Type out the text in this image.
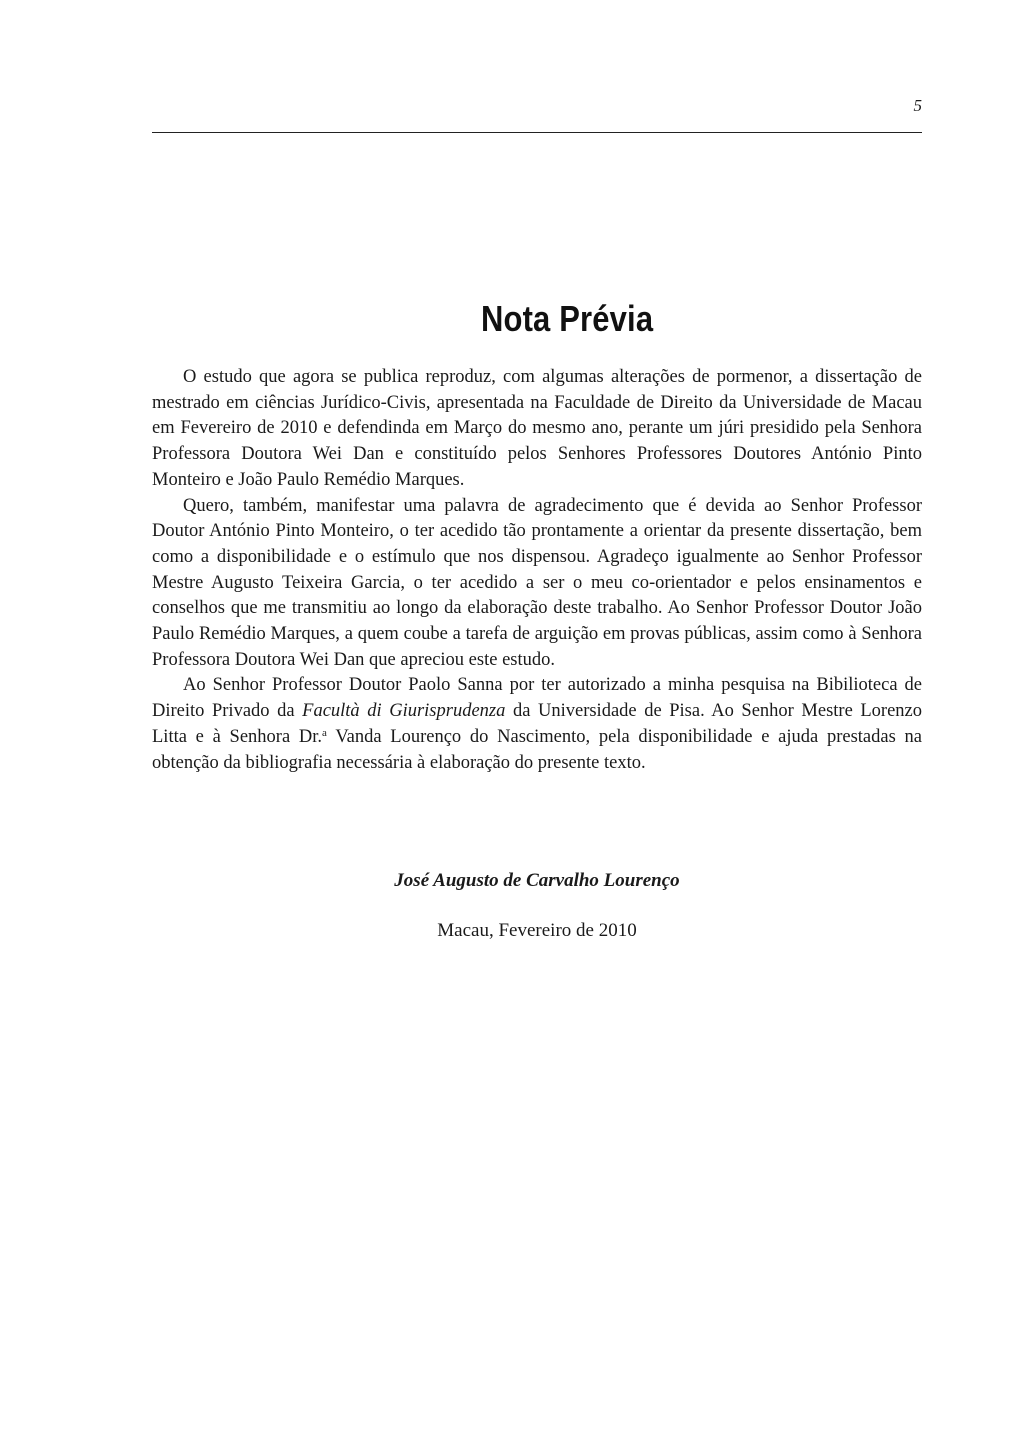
5
Nota Prévia

O estudo que agora se publica reproduz, com algumas alterações de pormenor, a dissertação de mestrado em ciências Jurídico-Civis, apresentada na Faculdade de Direito da Universidade de Macau em Fevereiro de 2010 e defendinda em Março do mesmo ano, perante um júri presidido pela Senhora Professora Doutora Wei Dan e constituído pelos Senhores Professores Doutores António Pinto Monteiro e João Paulo Remédio Marques.

Quero, também, manifestar uma palavra de agradecimento que é devida ao Senhor Professor Doutor António Pinto Monteiro, o ter acedido tão prontamente a orientar da presente dissertação, bem como a disponibilidade e o estímulo que nos dispensou. Agradeço igualmente ao Senhor Professor Mestre Augusto Teixeira Garcia, o ter acedido a ser o meu co-orientador e pelos ensinamentos e conselhos que me transmitiu ao longo da elaboração deste trabalho. Ao Senhor Professor Doutor João Paulo Remédio Marques, a quem coube a tarefa de arguição em provas públicas, assim como à Senhora Professora Doutora Wei Dan que apreciou este estudo.

Ao Senhor Professor Doutor Paolo Sanna por ter autorizado a minha pesquisa na Bibilioteca de Direito Privado da Facultà di Giurisprudenza da Universidade de Pisa. Ao Senhor Mestre Lorenzo Litta e à Senhora Dr.$^a$ Vanda Lourenço do Nascimento, pela disponibilidade e ajuda prestadas na obtenção da bibliografia necessária à elaboração do presente texto.

José Augusto de Carvalho Lourenço
Macau, Fevereiro de 2010
